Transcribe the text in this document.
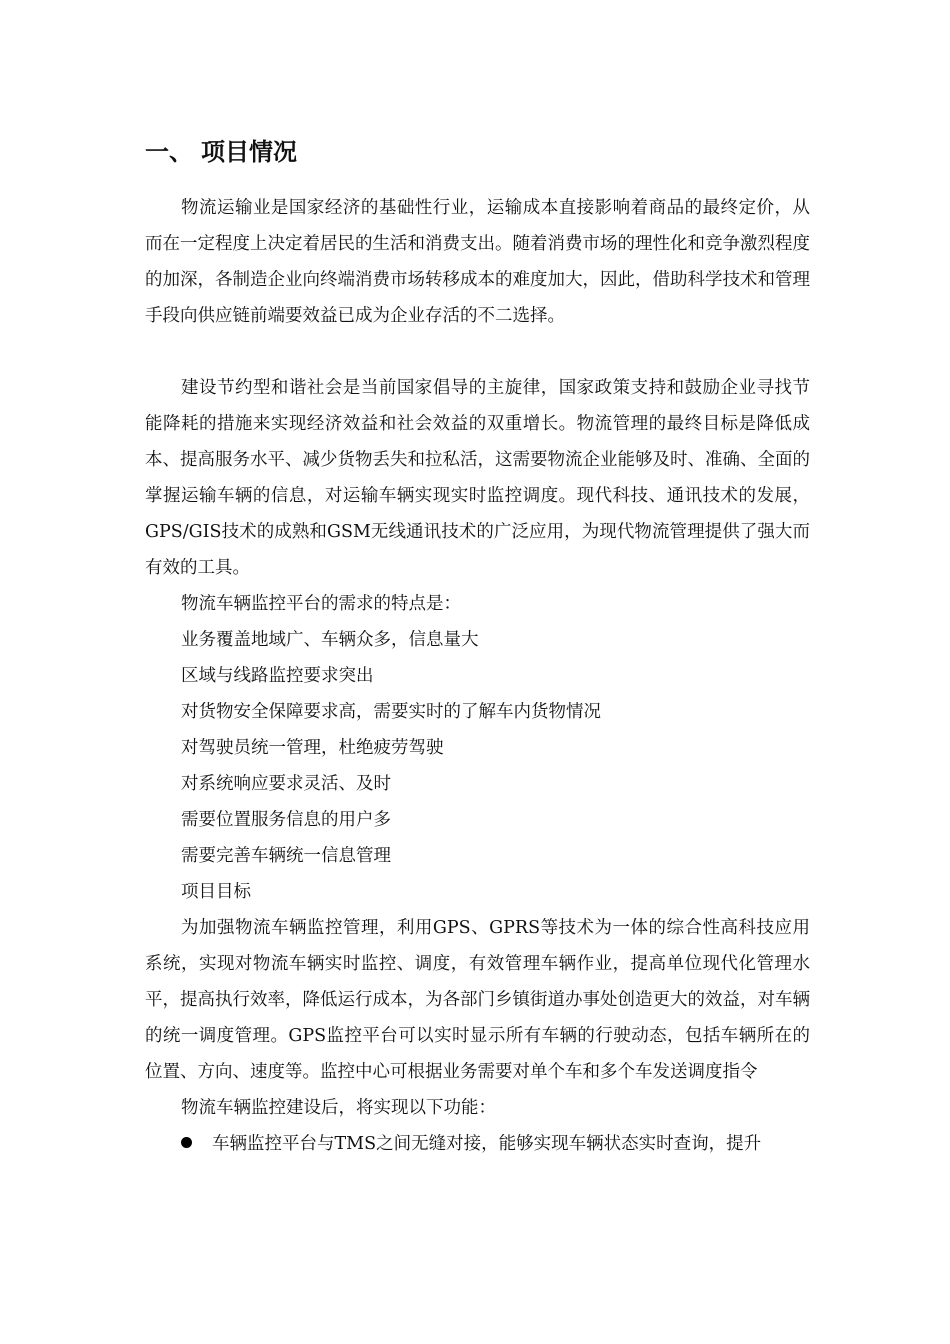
一、 项目情况

物流运输业是国家经济的基础性行业，运输成本直接影响着商品的最终定价，从而在一定程度上决定着居民的生活和消费支出。随着消费市场的理性化和竞争激烈程度的加深，各制造企业向终端消费市场转移成本的难度加大，因此，借助科学技术和管理手段向供应链前端要效益已成为企业存活的不二选择。

建设节约型和谐社会是当前国家倡导的主旋律，国家政策支持和鼓励企业寻找节能降耗的措施来实现经济效益和社会效益的双重增长。物流管理的最终目标是降低成本、提高服务水平、减少货物丢失和拉私活，这需要物流企业能够及时、准确、全面的掌握运输车辆的信息，对运输车辆实现实时监控调度。现代科技、通讯技术的发展，GPS/GIS技术的成熟和GSM无线通讯技术的广泛应用，为现代物流管理提供了强大而有效的工具。

物流车辆监控平台的需求的特点是：

业务覆盖地域广、车辆众多，信息量大

区域与线路监控要求突出

对货物安全保障要求高，需要实时的了解车内货物情况

对驾驶员统一管理，杜绝疲劳驾驶

对系统响应要求灵活、及时

需要位置服务信息的用户多

需要完善车辆统一信息管理

项目目标

为加强物流车辆监控管理，利用GPS、GPRS等技术为一体的综合性高科技应用系统，实现对物流车辆实时监控、调度，有效管理车辆作业，提高单位现代化管理水平，提高执行效率，降低运行成本，为各部门乡镇街道办事处创造更大的效益，对车辆的统一调度管理。GPS监控平台可以实时显示所有车辆的行驶动态，包括车辆所在的位置、方向、速度等。监控中心可根据业务需要对单个车和多个车发送调度指令

物流车辆监控建设后，将实现以下功能：

车辆监控平台与TMS之间无缝对接，能够实现车辆状态实时查询，提升
